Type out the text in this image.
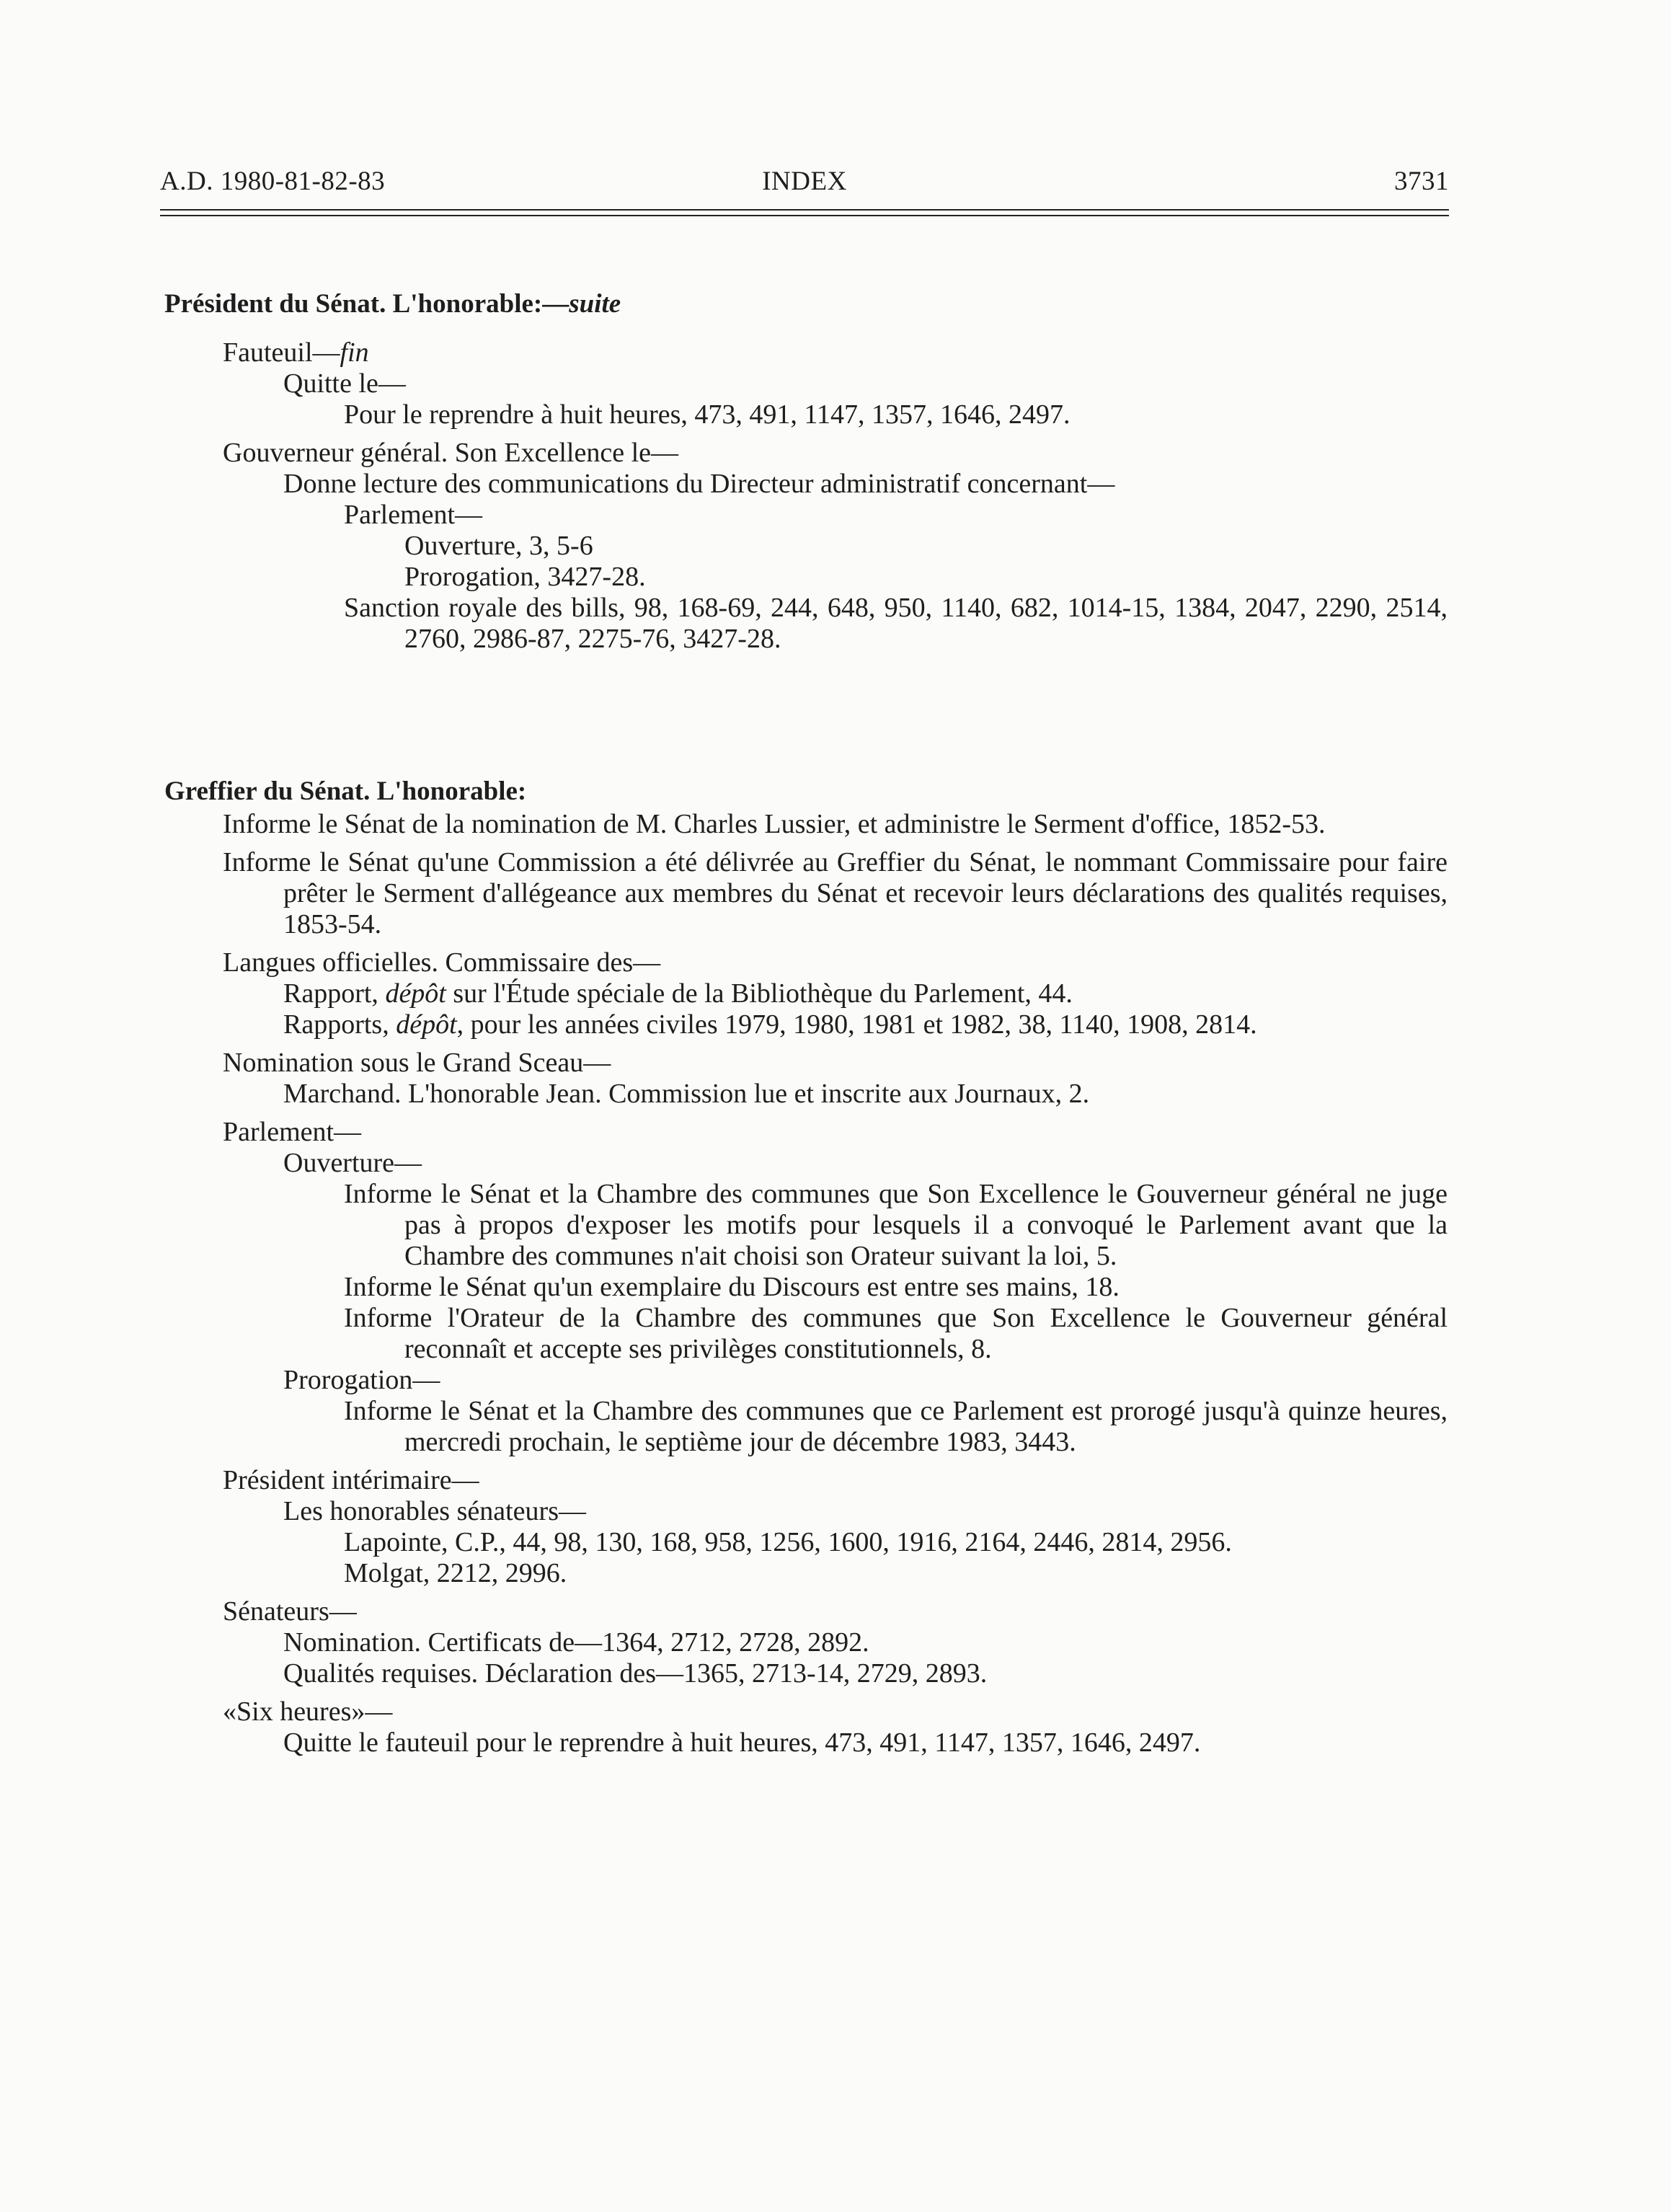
A.D. 1980-81-82-83	INDEX	3731
Président du Sénat. L'honorable:—suite
Fauteuil—fin
Quitte le—
Pour le reprendre à huit heures, 473, 491, 1147, 1357, 1646, 2497.
Gouverneur général. Son Excellence le—
Donne lecture des communications du Directeur administratif concernant—
Parlement—
Ouverture, 3, 5-6
Prorogation, 3427-28.
Sanction royale des bills, 98, 168-69, 244, 648, 950, 1140, 682, 1014-15, 1384, 2047, 2290, 2514, 2760, 2986-87, 2275-76, 3427-28.
Greffier du Sénat. L'honorable:
Informe le Sénat de la nomination de M. Charles Lussier, et administre le Serment d'office, 1852-53.
Informe le Sénat qu'une Commission a été délivrée au Greffier du Sénat, le nommant Commissaire pour faire prêter le Serment d'allégeance aux membres du Sénat et recevoir leurs déclarations des qualités requises, 1853-54.
Langues officielles. Commissaire des—
Rapport, dépôt sur l'Étude spéciale de la Bibliothèque du Parlement, 44.
Rapports, dépôt, pour les années civiles 1979, 1980, 1981 et 1982, 38, 1140, 1908, 2814.
Nomination sous le Grand Sceau—
Marchand. L'honorable Jean. Commission lue et inscrite aux Journaux, 2.
Parlement—
Ouverture—
Informe le Sénat et la Chambre des communes que Son Excellence le Gouverneur général ne juge pas à propos d'exposer les motifs pour lesquels il a convoqué le Parlement avant que la Chambre des communes n'ait choisi son Orateur suivant la loi, 5.
Informe le Sénat qu'un exemplaire du Discours est entre ses mains, 18.
Informe l'Orateur de la Chambre des communes que Son Excellence le Gouverneur général reconnaît et accepte ses privilèges constitutionnels, 8.
Prorogation—
Informe le Sénat et la Chambre des communes que ce Parlement est prorogé jusqu'à quinze heures, mercredi prochain, le septième jour de décembre 1983, 3443.
Président intérimaire—
Les honorables sénateurs—
Lapointe, C.P., 44, 98, 130, 168, 958, 1256, 1600, 1916, 2164, 2446, 2814, 2956.
Molgat, 2212, 2996.
Sénateurs—
Nomination. Certificats de—1364, 2712, 2728, 2892.
Qualités requises. Déclaration des—1365, 2713-14, 2729, 2893.
«Six heures»—
Quitte le fauteuil pour le reprendre à huit heures, 473, 491, 1147, 1357, 1646, 2497.
